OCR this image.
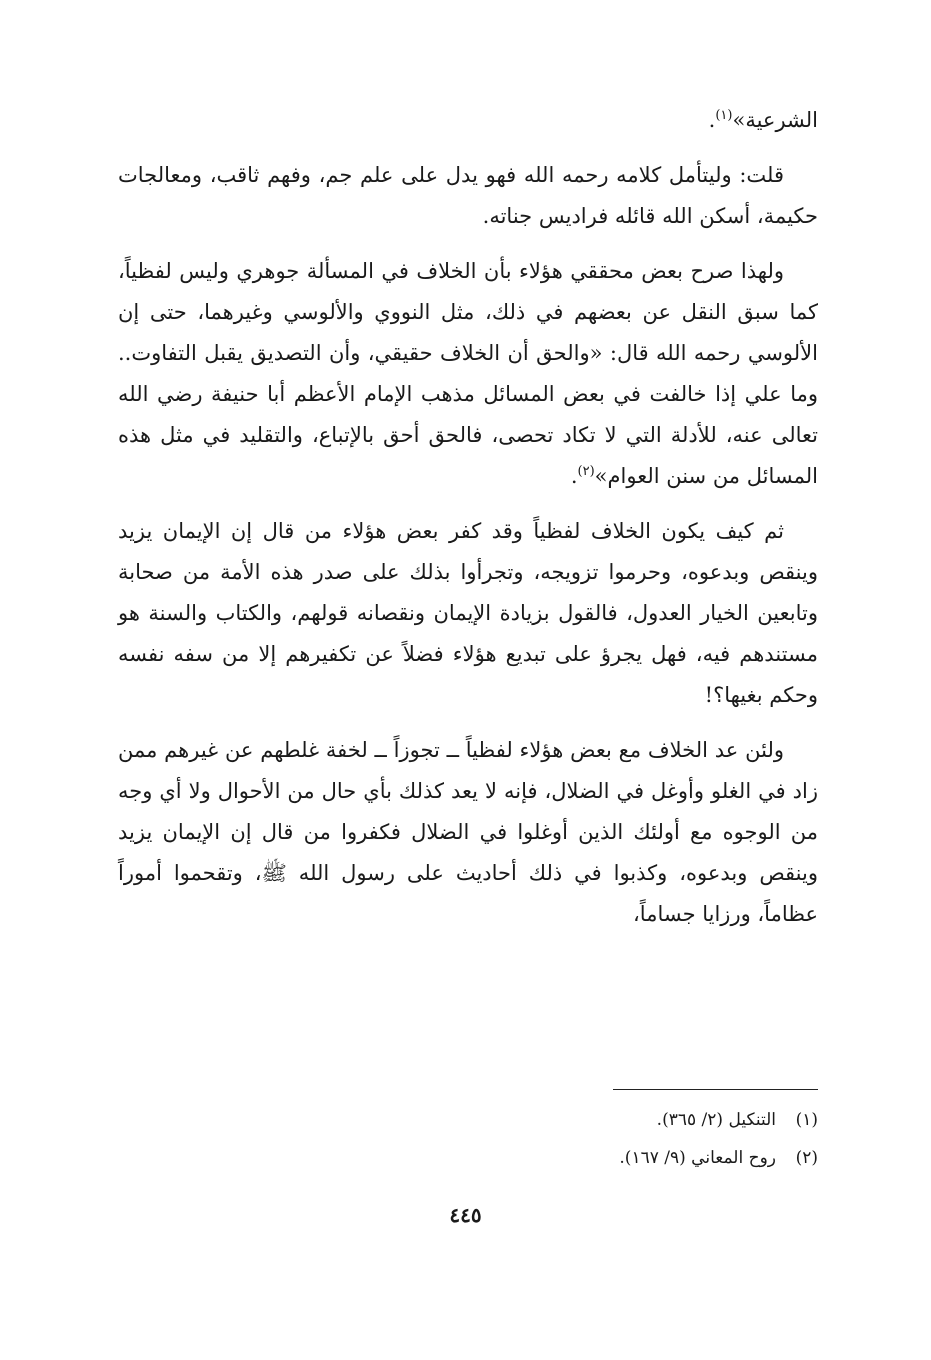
الشرعية»$^{(١)}$.

قلت: وليتأمل كلامه رحمه الله فهو يدل على علم جم، وفهم ثاقب، ومعالجات حكيمة، أسكن الله قائله فراديس جناته.

ولهذا صرح بعض محققي هؤلاء بأن الخلاف في المسألة جوهري وليس لفظياً، كما سبق النقل عن بعضهم في ذلك، مثل النووي والألوسي وغيرهما، حتى إن الألوسي رحمه الله قال: «والحق أن الخلاف حقيقي، وأن التصديق يقبل التفاوت.. وما علي إذا خالفت في بعض المسائل مذهب الإمام الأعظم أبا حنيفة رضي الله تعالى عنه، للأدلة التي لا تكاد تحصى، فالحق أحق بالإتباع، والتقليد في مثل هذه المسائل من سنن العوام»$^{(٢)}$.

ثم كيف يكون الخلاف لفظياً وقد كفر بعض هؤلاء من قال إن الإيمان يزيد وينقص وبدعوه، وحرموا تزويجه، وتجرأوا بذلك على صدر هذه الأمة من صحابة وتابعين الخيار العدول، فالقول بزيادة الإيمان ونقصانه قولهم، والكتاب والسنة هو مستندهم فيه، فهل يجرؤ على تبديع هؤلاء فضلاً عن تكفيرهم إلا من سفه نفسه وحكم بغيها؟!

ولئن عد الخلاف مع بعض هؤلاء لفظياً ــ تجوزاً ــ لخفة غلطهم عن غيرهم ممن زاد في الغلو وأوغل في الضلال، فإنه لا يعد كذلك بأي حال من الأحوال ولا أي وجه من الوجوه مع أولئك الذين أوغلوا في الضلال فكفروا من قال إن الإيمان يزيد وينقص وبدعوه، وكذبوا في ذلك أحاديث على رسول الله ﷺ، وتقحموا أموراً عظاماً، ورزايا جساماً،

(١)التنكيل (٢/ ٣٦٥).

(٢)روح المعاني (٩/ ١٦٧).

٤٤٥
